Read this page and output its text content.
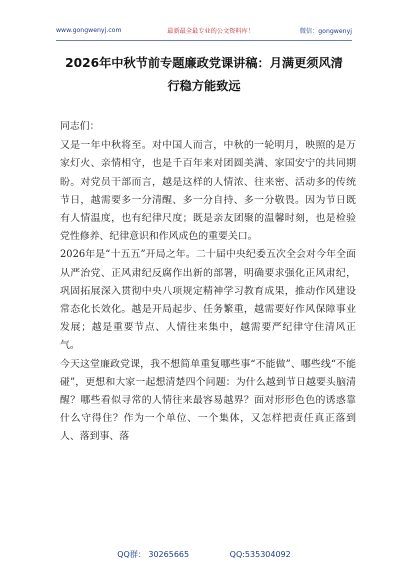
www.gongwenyj.com	最新最全最专业的公文资料库！	微信：gongwenyj
2026年中秋节前专题廉政党课讲稿：月满更须风清
行稳方能致远

同志们：

又是一年中秋将至。对中国人而言，中秋的一轮明月，映照的是万家灯火、亲情相守，也是千百年来对团圆美满、家国安宁的共同期盼。对党员干部而言，越是这样的人情浓、往来密、活动多的传统节日，越需要多一分清醒、多一分自持、多一分敬畏。因为节日既有人情温度，也有纪律尺度；既是亲友团聚的温馨时刻，也是检验党性修养、纪律意识和作风成色的重要关口。

2026年是“十五五”开局之年。二十届中央纪委五次全会对今年全面从严治党、正风肃纪反腐作出新的部署，明确要求强化正风肃纪，巩固拓展深入贯彻中央八项规定精神学习教育成果，推动作风建设常态化长效化。越是开局起步、任务繁重，越需要好作风保障事业发展；越是重要节点、人情往来集中，越需要严纪律守住清风正气。

今天这堂廉政党课，我不想简单重复哪些事“不能做”、哪些线“不能碰”，更想和大家一起想清楚四个问题：为什么越到节日越要头脑清醒？哪些看似寻常的人情往来最容易越界？面对形形色色的诱惑靠什么守得住？作为一个单位、一个集体，又怎样把责任真正落到人、落到事、落

QQ群： 30265665	QQ:535304092
